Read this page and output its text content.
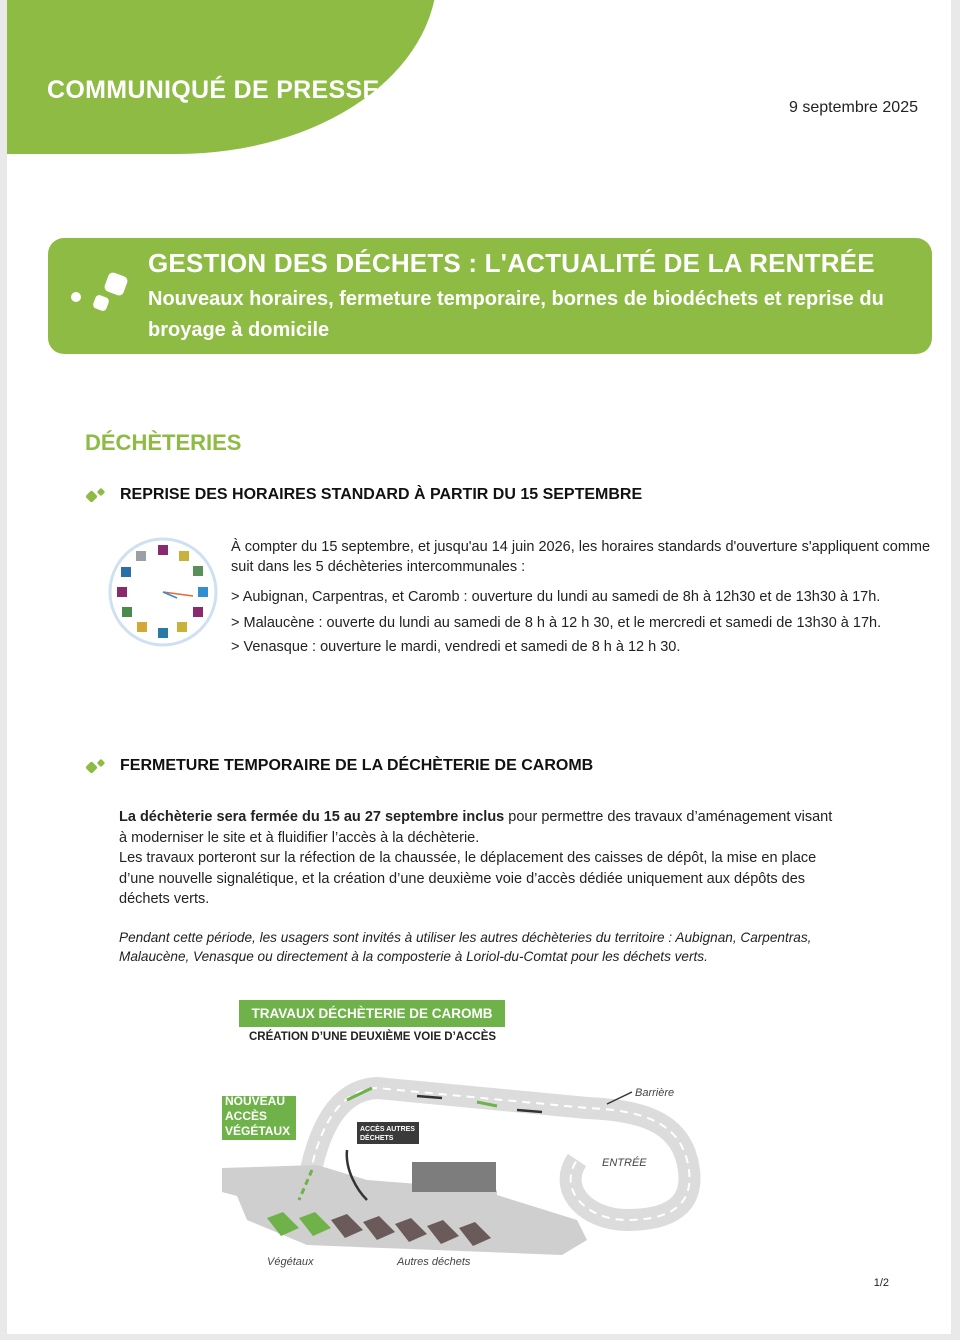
COMMUNIQUÉ DE PRESSE
9 septembre 2025
GESTION DES DÉCHETS : L'ACTUALITÉ DE LA RENTRÉE
Nouveaux horaires, fermeture temporaire, bornes de biodéchets et reprise du broyage à domicile
DÉCHÈTERIES
REPRISE DES HORAIRES STANDARD À PARTIR DU 15 SEPTEMBRE

À compter du 15 septembre, et jusqu'au 14 juin 2026, les horaires standards d'ouverture s'appliquent comme suit dans les 5 déchèteries intercommunales :

> Aubignan, Carpentras, et Caromb : ouverture du lundi au samedi de 8h à 12h30 et de 13h30 à 17h.

> Malaucène : ouverte du lundi au samedi de 8 h à 12 h 30, et le mercredi et samedi de 13h30 à 17h.

> Venasque : ouverture le mardi, vendredi et samedi de 8 h à 12 h 30.

FERMETURE TEMPORAIRE DE LA DÉCHÈTERIE DE CAROMB

La déchèterie sera fermée du 15 au 27 septembre inclus pour permettre des travaux d’aménagement visant à moderniser le site et à fluidifier l’accès à la déchèterie.

Les travaux porteront sur la réfection de la chaussée, le déplacement des caisses de dépôt, la mise en place d’une nouvelle signalétique, et la création d’une deuxième voie d’accès dédiée uniquement aux dépôts des déchets verts.

Pendant cette période, les usagers sont invités à utiliser les autres déchèteries du territoire : Aubignan, Carpentras, Malaucène, Venasque ou directement à la composterie à Loriol-du-Comtat pour les déchets verts.

TRAVAUX DÉCHÈTERIE DE CAROMB
CRÉATION D’UNE DEUXIÈME VOIE D’ACCÈS
NOUVEAU
ACCÈS
VÉGÉTAUX	ACCÈS AUTRES
DÉCHETS
Barrière
ENTRÉE
Végétaux	Autres déchets
1/2
